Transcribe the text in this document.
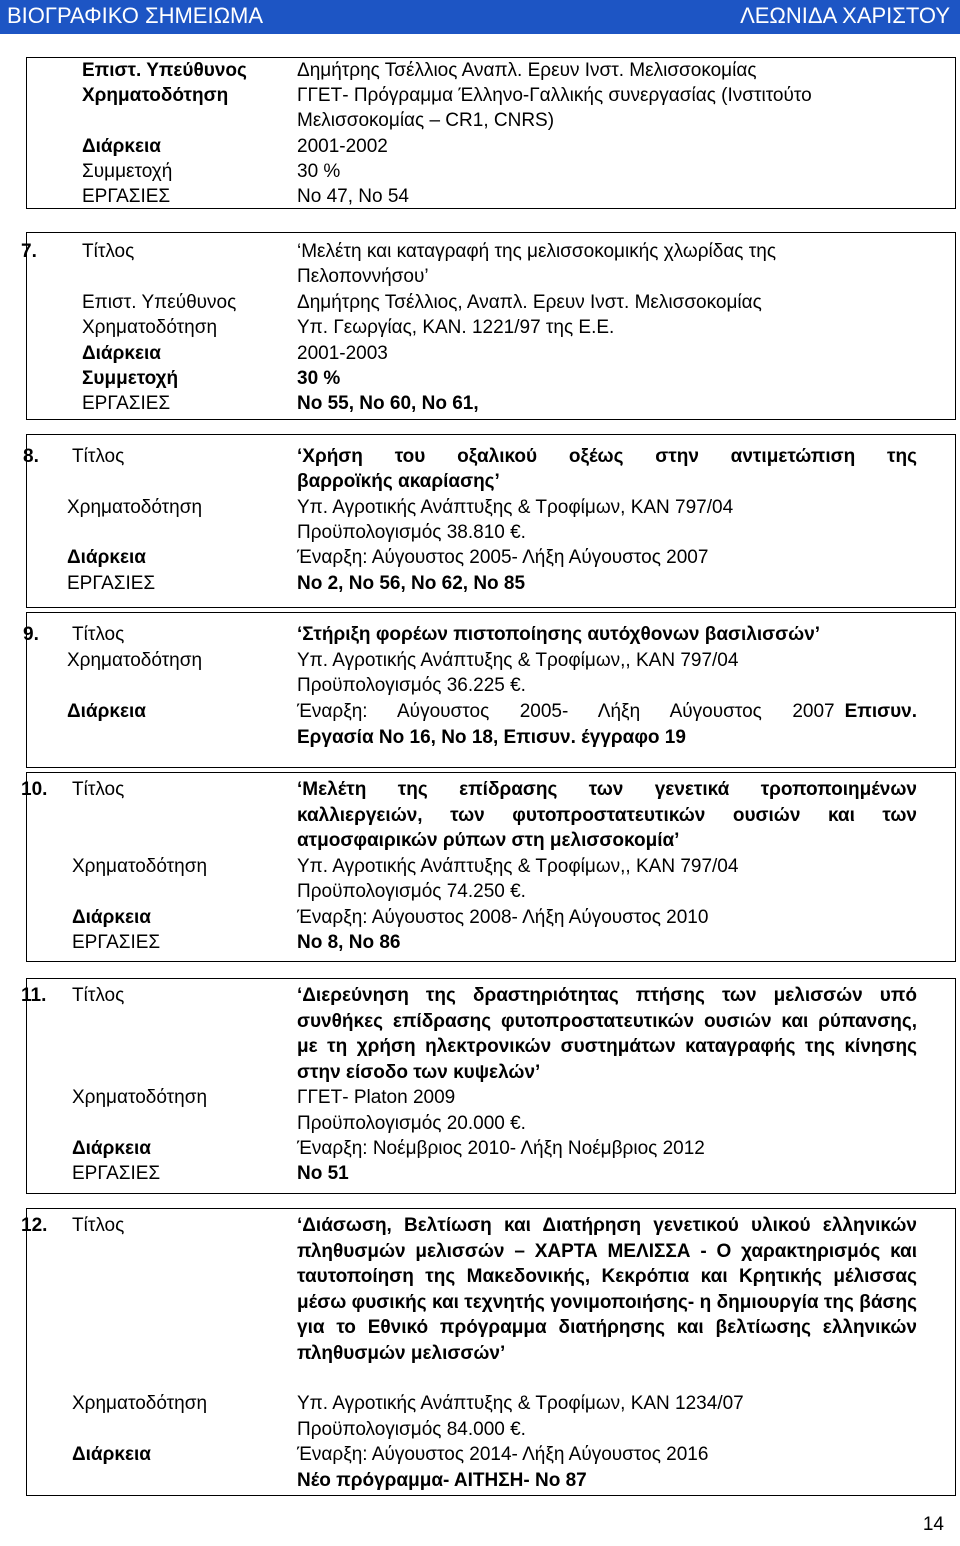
ΒΙΟΓΡΑΦΙΚΟ ΣΗΜΕΙΩΜΑ	ΛΕΩΝΙΔΑ ΧΑΡΙΣΤΟΥ
Επιστ. Υπεύθυνος	Δημήτρης Τσέλλιος Αναπλ. Ερευν Ινστ. Μελισσοκομίας
Χρηματοδότηση	ΓΓΕΤ- Πρόγραμμα Έλληνο-Γαλλικής συνεργασίας (Ινστιτούτο
Μελισσοκομίας – CR1, CNRS)
Διάρκεια	2001-2002
Συμμετοχή	30 %
ΕΡΓΑΣΙΕΣ	Νο 47, Νο 54
7. Τίτλος	‘Μελέτη και καταγραφή της μελισσοκομικής χλωρίδας της
Πελοποννήσου’
Επιστ. Υπεύθυνος	Δημήτρης Τσέλλιος, Αναπλ. Ερευν Ινστ. Μελισσοκομίας
Χρηματοδότηση	Υπ. Γεωργίας, ΚΑΝ. 1221/97 της Ε.Ε.
Διάρκεια	2001-2003
Συμμετοχή	30 %
ΕΡΓΑΣΙΕΣ	Νο 55, Νο 60, Νο 61,
8. Τίτλος	‘Χρήση του οξαλικού οξέως στην αντιμετώπιση της
βαρροϊκής ακαρίασης’
Χρηματοδότηση	Υπ. Αγροτικής Ανάπτυξης & Τροφίμων, ΚΑΝ 797/04
Προϋπολογισμός 38.810 €.
Διάρκεια	Έναρξη: Αύγουστος 2005- Λήξη Αύγουστος 2007
ΕΡΓΑΣΙΕΣ	Νο 2, Νο 56, Νο 62, Νο 85
9. Τίτλος	‘Στήριξη φορέων πιστοποίησης αυτόχθονων βασιλισσών’
Χρηματοδότηση	Υπ. Αγροτικής Ανάπτυξης & Τροφίμων,, ΚΑΝ 797/04
Προϋπολογισμός 36.225 €.
Διάρκεια	Έναρξη: Αύγουστος 2005- Λήξη Αύγουστος 2007 Επισυν.
Εργασία Νο 16, Νο 18, Επισυν. έγγραφο 19
10. Τίτλος	‘Μελέτη της επίδρασης των γενετικά τροποποιημένων καλλιεργειών, των φυτοπροστατευτικών ουσιών και των ατμοσφαιρικών ρύπων στη μελισσοκομία’
Χρηματοδότηση	Υπ. Αγροτικής Ανάπτυξης & Τροφίμων,, ΚΑΝ 797/04
Προϋπολογισμός 74.250 €.
Διάρκεια	Έναρξη: Αύγουστος 2008- Λήξη Αύγουστος 2010
ΕΡΓΑΣΙΕΣ	Νο 8, Νο 86
11. Τίτλος	‘Διερεύνηση της δραστηριότητας πτήσης των μελισσών υπό συνθήκες επίδρασης φυτοπροστατευτικών ουσιών και ρύπανσης, με τη χρήση ηλεκτρονικών συστημάτων καταγραφής της κίνησης στην είσοδο των κυψελών’
Χρηματοδότηση	ΓΓΕΤ- Platon 2009
Προϋπολογισμός 20.000 €.
Διάρκεια	Έναρξη: Νοέμβριος 2010- Λήξη Νοέμβριος 2012
ΕΡΓΑΣΙΕΣ	Νο 51
12. Τίτλος	‘Διάσωση, Βελτίωση και Διατήρηση γενετικού υλικού ελληνικών πληθυσμών μελισσών – ΧΑΡΤΑ ΜΕΛΙΣΣΑ - Ο χαρακτηρισμός και ταυτοποίηση της Μακεδονικής, Κεκρόπια και Κρητικής μέλισσας μέσω φυσικής και τεχνητής γονιμοποιήσης- η δημιουργία της βάσης για το Εθνικό πρόγραμμα διατήρησης και βελτίωσης ελληνικών πληθυσμών μελισσών’
Χρηματοδότηση	Υπ. Αγροτικής Ανάπτυξης & Τροφίμων, ΚΑΝ 1234/07
Προϋπολογισμός 84.000 €.
Διάρκεια	Έναρξη: Αύγουστος 2014- Λήξη Αύγουστος 2016
Νέο πρόγραμμα- ΑΙΤΗΣΗ- Νο 87
14
